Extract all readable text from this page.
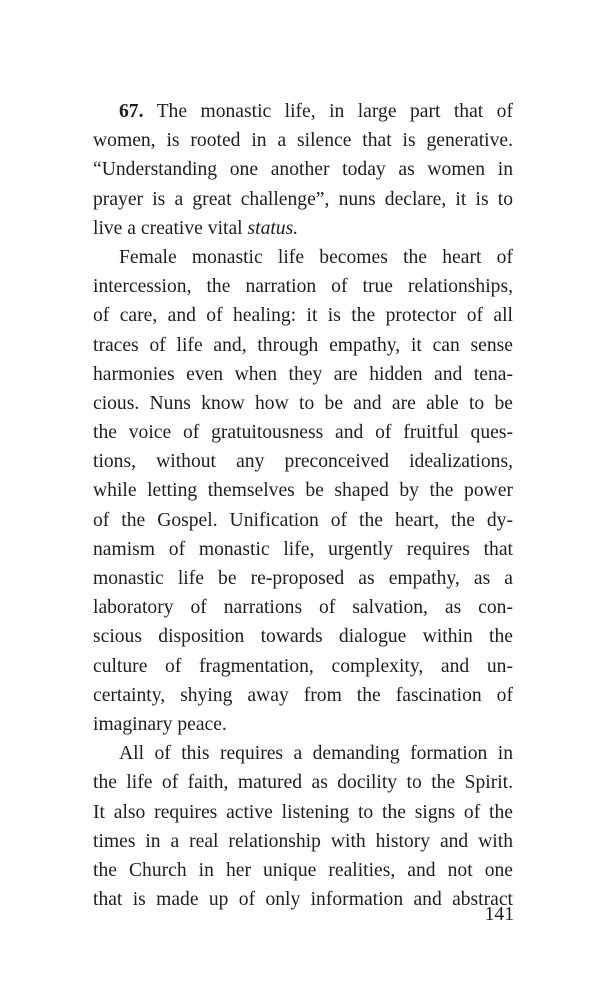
67. The monastic life, in large part that of
women, is rooted in a silence that is generative.
“Understanding one another today as women in
prayer is a great challenge”, nuns declare, it is to
live a creative vital status.
Female monastic life becomes the heart of
intercession, the narration of true relationships,
of care, and of healing: it is the protector of all
traces of life and, through empathy, it can sense
harmonies even when they are hidden and tena-
cious. Nuns know how to be and are able to be
the voice of gratuitousness and of fruitful ques-
tions, without any preconceived idealizations,
while letting themselves be shaped by the power
of the Gospel. Unification of the heart, the dy-
namism of monastic life, urgently requires that
monastic life be re-proposed as empathy, as a
laboratory of narrations of salvation, as con-
scious disposition towards dialogue within the
culture of fragmentation, complexity, and un-
certainty, shying away from the fascination of
imaginary peace.
All of this requires a demanding formation in
the life of faith, matured as docility to the Spirit.
It also requires active listening to the signs of the
times in a real relationship with history and with
the Church in her unique realities, and not one
that is made up of only information and abstract
141
